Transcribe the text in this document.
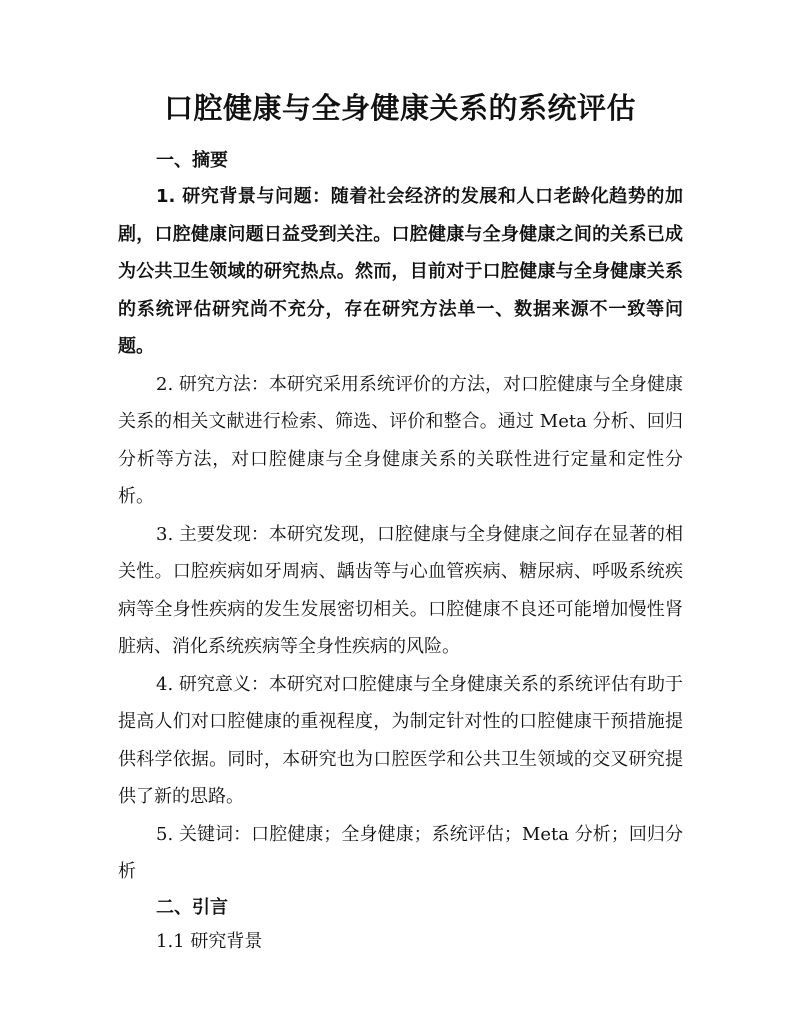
口腔健康与全身健康关系的系统评估
一、摘要

1. 研究背景与问题：随着社会经济的发展和人口老龄化趋势的加剧，口腔健康问题日益受到关注。口腔健康与全身健康之间的关系已成为公共卫生领域的研究热点。然而，目前对于口腔健康与全身健康关系的系统评估研究尚不充分，存在研究方法单一、数据来源不一致等问题。

2. 研究方法：本研究采用系统评价的方法，对口腔健康与全身健康关系的相关文献进行检索、筛选、评价和整合。通过 Meta 分析、回归分析等方法，对口腔健康与全身健康关系的关联性进行定量和定性分析。

3. 主要发现：本研究发现，口腔健康与全身健康之间存在显著的相关性。口腔疾病如牙周病、龋齿等与心血管疾病、糖尿病、呼吸系统疾病等全身性疾病的发生发展密切相关。口腔健康不良还可能增加慢性肾脏病、消化系统疾病等全身性疾病的风险。

4. 研究意义：本研究对口腔健康与全身健康关系的系统评估有助于提高人们对口腔健康的重视程度，为制定针对性的口腔健康干预措施提供科学依据。同时，本研究也为口腔医学和公共卫生领域的交叉研究提供了新的思路。

5. 关键词：口腔健康；全身健康；系统评估；Meta 分析；回归分析

二、引言
1.1 研究背景
